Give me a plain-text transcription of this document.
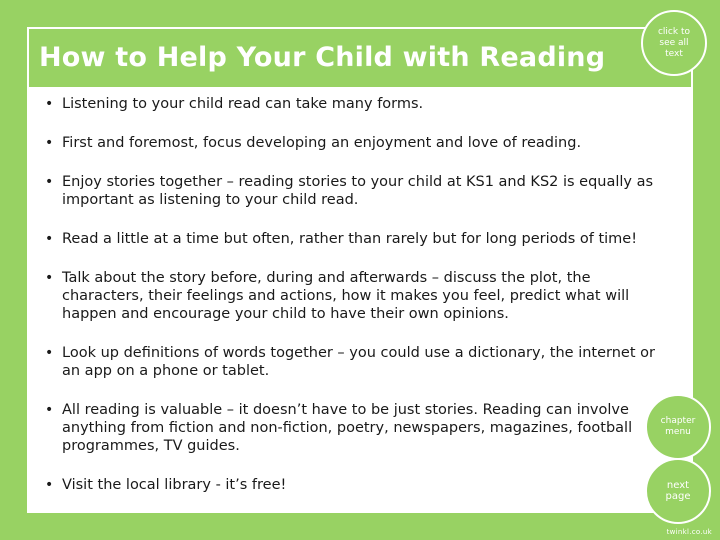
How to Help Your Child with Reading
click to see all text
• Listening to your child read can take many forms.
• First and foremost, focus developing an enjoyment and love of reading.
• Enjoy stories together – reading stories to your child at KS1 and KS2 is equally as important as listening to your child read.
• Read a little at a time but often, rather than rarely but for long periods of time!
• Talk about the story before, during and afterwards – discuss the plot, the characters, their feelings and actions, how it makes you feel, predict what will happen and encourage your child to have their own opinions.
• Look up definitions of words together – you could use a dictionary, the internet or an app on a phone or tablet.
• All reading is valuable – it doesn’t have to be just stories. Reading can involve anything from fiction and non-fiction, poetry, newspapers, magazines, football programmes, TV guides.
• Visit the local library - it’s free!
chapter menu
next page
twinkl.co.uk
